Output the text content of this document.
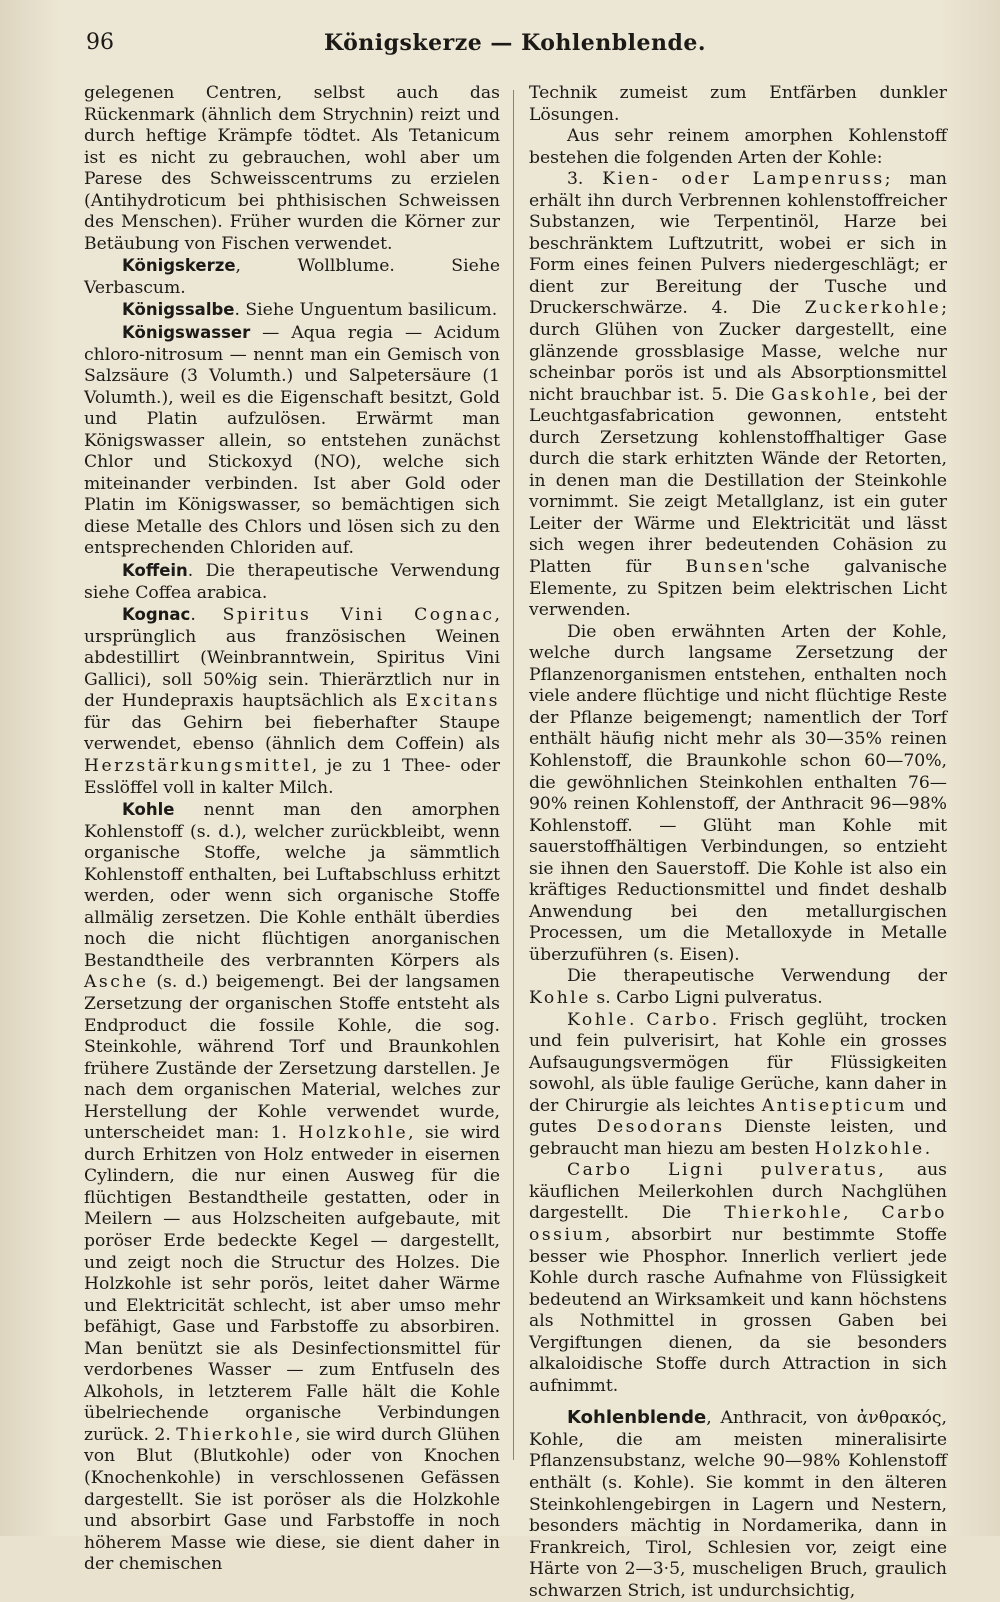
96	Königskerze — Kohlenblende.

gelegenen Centren, selbst auch das Rückenmark (ähnlich dem Strychnin) reizt und durch heftige Krämpfe tödtet. Als Tetanicum ist es nicht zu gebrauchen, wohl aber um Parese des Schweisscentrums zu erzielen (Antihydroticum bei phthisischen Schweissen des Menschen). Früher wurden die Körner zur Betäubung von Fischen verwendet.

Königskerze, Wollblume. Siehe Verbascum.

Königssalbe. Siehe Unguentum basilicum.

Königswasser — Aqua regia — Acidum chloro-nitrosum — nennt man ein Gemisch von Salzsäure (3 Volumth.) und Salpetersäure (1 Volumth.), weil es die Eigenschaft besitzt, Gold und Platin aufzulösen. Erwärmt man Königswasser allein, so entstehen zunächst Chlor und Stickoxyd (NO), welche sich miteinander verbinden. Ist aber Gold oder Platin im Königswasser, so bemächtigen sich diese Metalle des Chlors und lösen sich zu den entsprechenden Chloriden auf.

Koffein. Die therapeutische Verwendung siehe Coffea arabica.

Kognac. Spiritus Vini Cognac, ursprünglich aus französischen Weinen abdestillirt (Weinbranntwein, Spiritus Vini Gallici), soll 50%ig sein. Thierärztlich nur in der Hundepraxis hauptsächlich als Excitans für das Gehirn bei fieberhafter Staupe verwendet, ebenso (ähnlich dem Coffein) als Herzstärkungsmittel, je zu 1 Thee- oder Esslöffel voll in kalter Milch.

Kohle nennt man den amorphen Kohlenstoff (s. d.), welcher zurückbleibt, wenn organische Stoffe, welche ja sämmtlich Kohlenstoff enthalten, bei Luftabschluss erhitzt werden, oder wenn sich organische Stoffe allmälig zersetzen. Die Kohle enthält überdies noch die nicht flüchtigen anorganischen Bestandtheile des verbrannten Körpers als Asche (s. d.) beigemengt. Bei der langsamen Zersetzung der organischen Stoffe entsteht als Endproduct die fossile Kohle, die sog. Steinkohle, während Torf und Braunkohlen frühere Zustände der Zersetzung darstellen. Je nach dem organischen Material, welches zur Herstellung der Kohle verwendet wurde, unterscheidet man: 1. Holzkohle, sie wird durch Erhitzen von Holz entweder in eisernen Cylindern, die nur einen Ausweg für die flüchtigen Bestandtheile gestatten, oder in Meilern — aus Holzscheiten aufgebaute, mit poröser Erde bedeckte Kegel — dargestellt, und zeigt noch die Structur des Holzes. Die Holzkohle ist sehr porös, leitet daher Wärme und Elektricität schlecht, ist aber umso mehr befähigt, Gase und Farbstoffe zu absorbiren. Man benützt sie als Desinfectionsmittel für verdorbenes Wasser — zum Entfuseln des Alkohols, in letzterem Falle hält die Kohle übelriechende organische Verbindungen zurück. 2. Thierkohle, sie wird durch Glühen von Blut (Blutkohle) oder von Knochen (Knochenkohle) in verschlossenen Gefässen dargestellt. Sie ist poröser als die Holzkohle und absorbirt Gase und Farbstoffe in noch höherem Masse wie diese, sie dient daher in der chemischen

Technik zumeist zum Entfärben dunkler Lösungen.

Aus sehr reinem amorphen Kohlenstoff bestehen die folgenden Arten der Kohle:

3. Kien- oder Lampenruss; man erhält ihn durch Verbrennen kohlenstoffreicher Substanzen, wie Terpentinöl, Harze bei beschränktem Luftzutritt, wobei er sich in Form eines feinen Pulvers niedergeschlägt; er dient zur Bereitung der Tusche und Druckerschwärze. 4. Die Zuckerkohle; durch Glühen von Zucker dargestellt, eine glänzende grossblasige Masse, welche nur scheinbar porös ist und als Absorptionsmittel nicht brauchbar ist. 5. Die Gaskohle, bei der Leuchtgasfabrication gewonnen, entsteht durch Zersetzung kohlenstoffhaltiger Gase durch die stark erhitzten Wände der Retorten, in denen man die Destillation der Steinkohle vornimmt. Sie zeigt Metallglanz, ist ein guter Leiter der Wärme und Elektricität und lässt sich wegen ihrer bedeutenden Cohäsion zu Platten für Bunsen'sche galvanische Elemente, zu Spitzen beim elektrischen Licht verwenden.

Die oben erwähnten Arten der Kohle, welche durch langsame Zersetzung der Pflanzenorganismen entstehen, enthalten noch viele andere flüchtige und nicht flüchtige Reste der Pflanze beigemengt; namentlich der Torf enthält häufig nicht mehr als 30—35% reinen Kohlenstoff, die Braunkohle schon 60—70%, die gewöhnlichen Steinkohlen enthalten 76—90% reinen Kohlenstoff, der Anthracit 96—98% Kohlenstoff. — Glüht man Kohle mit sauerstoffhältigen Verbindungen, so entzieht sie ihnen den Sauerstoff. Die Kohle ist also ein kräftiges Reductionsmittel und findet deshalb Anwendung bei den metallurgischen Processen, um die Metalloxyde in Metalle überzuführen (s. Eisen).

Die therapeutische Verwendung der Kohle s. Carbo Ligni pulveratus.

Kohle. Carbo. Frisch geglüht, trocken und fein pulverisirt, hat Kohle ein grosses Aufsaugungsvermögen für Flüssigkeiten sowohl, als üble faulige Gerüche, kann daher in der Chirurgie als leichtes Antisepticum und gutes Desodorans Dienste leisten, und gebraucht man hiezu am besten Holzkohle.

Carbo Ligni pulveratus, aus käuflichen Meilerkohlen durch Nachglühen dargestellt. Die Thierkohle, Carbo ossium, absorbirt nur bestimmte Stoffe besser wie Phosphor. Innerlich verliert jede Kohle durch rasche Aufnahme von Flüssigkeit bedeutend an Wirksamkeit und kann höchstens als Nothmittel in grossen Gaben bei Vergiftungen dienen, da sie besonders alkaloidische Stoffe durch Attraction in sich aufnimmt.

Kohlenblende, Anthracit, von ἀνθρακός, Kohle, die am meisten mineralisirte Pflanzensubstanz, welche 90—98% Kohlenstoff enthält (s. Kohle). Sie kommt in den älteren Steinkohlengebirgen in Lagern und Nestern, besonders mächtig in Nordamerika, dann in Frankreich, Tirol, Schlesien vor, zeigt eine Härte von 2—3·5, muscheligen Bruch, graulich schwarzen Strich, ist undurchsichtig,
